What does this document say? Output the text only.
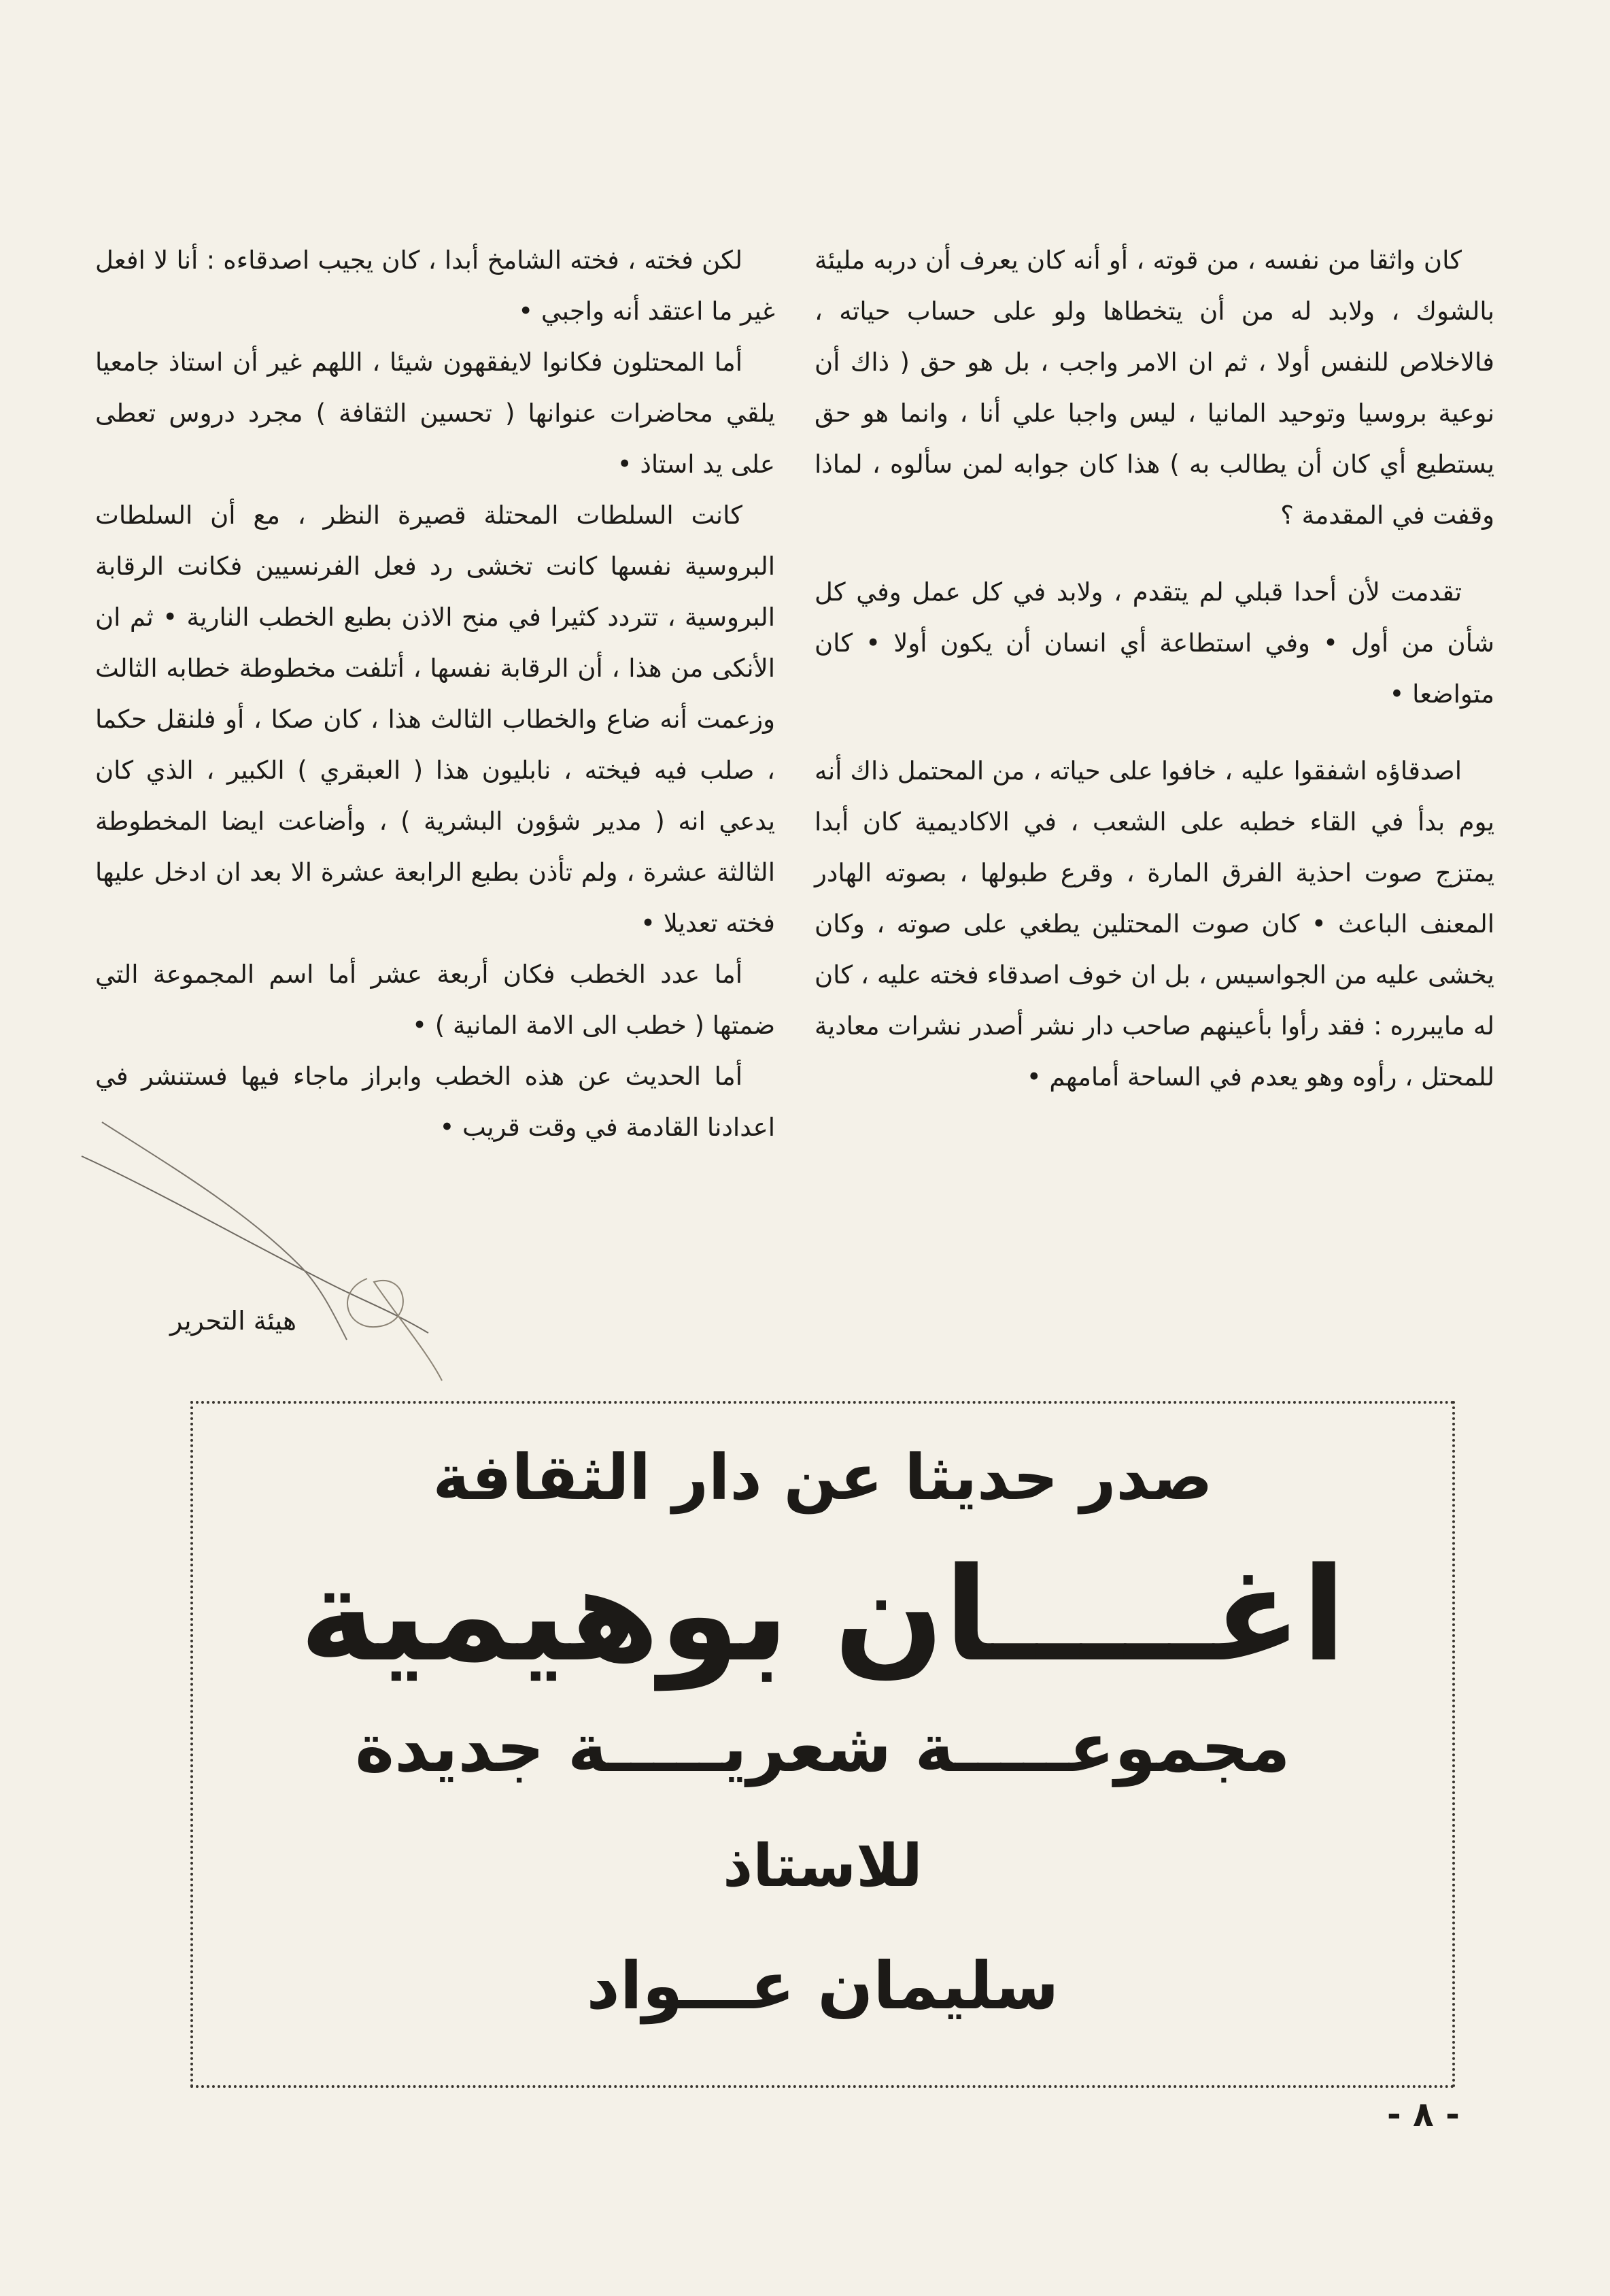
كان واثقا من نفسه ، من قوته ، أو أنه كان يعرف أن دربه مليئة بالشوك ، ولابد له من أن يتخطاها ولو على حساب حياته ، فالاخلاص للنفس أولا ، ثم ان الامر واجب ، بل هو حق ( ذاك أن نوعية بروسيا وتوحيد المانيا ، ليس واجبا علي أنا ، وانما هو حق يستطيع أي كان أن يطالب به ) هذا كان جوابه لمن سألوه ، لماذا وقفت في المقدمة ؟

تقدمت لأن أحدا قبلي لم يتقدم ، ولابد في كل عمل وفي كل شأن من أول • وفي استطاعة أي انسان أن يكون أولا • كان متواضعا •

اصدقاؤه اشفقوا عليه ، خافوا على حياته ، من المحتمل ذاك أنه يوم بدأ في القاء خطبه على الشعب ، في الاكاديمية كان أبدا يمتزج صوت احذية الفرق المارة ، وقرع طبولها ، بصوته الهادر المعنف الباعث • كان صوت المحتلين يطغي على صوته ، وكان يخشى عليه من الجواسيس ، بل ان خوف اصدقاء فخته عليه ، كان له مايبرره : فقد رأوا بأعينهم صاحب دار نشر أصدر نشرات معادية للمحتل ، رأوه وهو يعدم في الساحة أمامهم •

لكن فخته ، فخته الشامخ أبدا ، كان يجيب اصدقاءه : أنا لا افعل غير ما اعتقد أنه واجبي •

أما المحتلون فكانوا لايفقهون شيئا ، اللهم غير أن استاذ جامعيا يلقي محاضرات عنوانها ( تحسين الثقافة ) مجرد دروس تعطى على يد استاذ •

كانت السلطات المحتلة قصيرة النظر ، مع أن السلطات البروسية نفسها كانت تخشى رد فعل الفرنسيين فكانت الرقابة البروسية ، تتردد كثيرا في منح الاذن بطبع الخطب النارية • ثم ان الأنكى من هذا ، أن الرقابة نفسها ، أتلفت مخطوطة خطابه الثالث وزعمت أنه ضاع والخطاب الثالث هذا ، كان صكا ، أو فلنقل حكما ، صلب فيه فيخته ، نابليون هذا ( العبقري ) الكبير ، الذي كان يدعي انه ( مدير شؤون البشرية ) ، وأضاعت ايضا المخطوطة الثالثة عشرة ، ولم تأذن بطبع الرابعة عشرة الا بعد ان ادخل عليها فخته تعديلا •

أما عدد الخطب فكان أربعة عشر أما اسم المجموعة التي ضمتها ( خطب الى الامة المانية ) •

أما الحديث عن هذه الخطب وابراز ماجاء فيها فستنشر في اعدادنا القادمة في وقت قريب •

هيئة التحرير
صدر حديثا عن دار الثقافة
اغـــــان بوهيمية
مجموعـــــة شعريـــــة جديدة
للاستاذ
سليمان عـــواد
- ٨ -
